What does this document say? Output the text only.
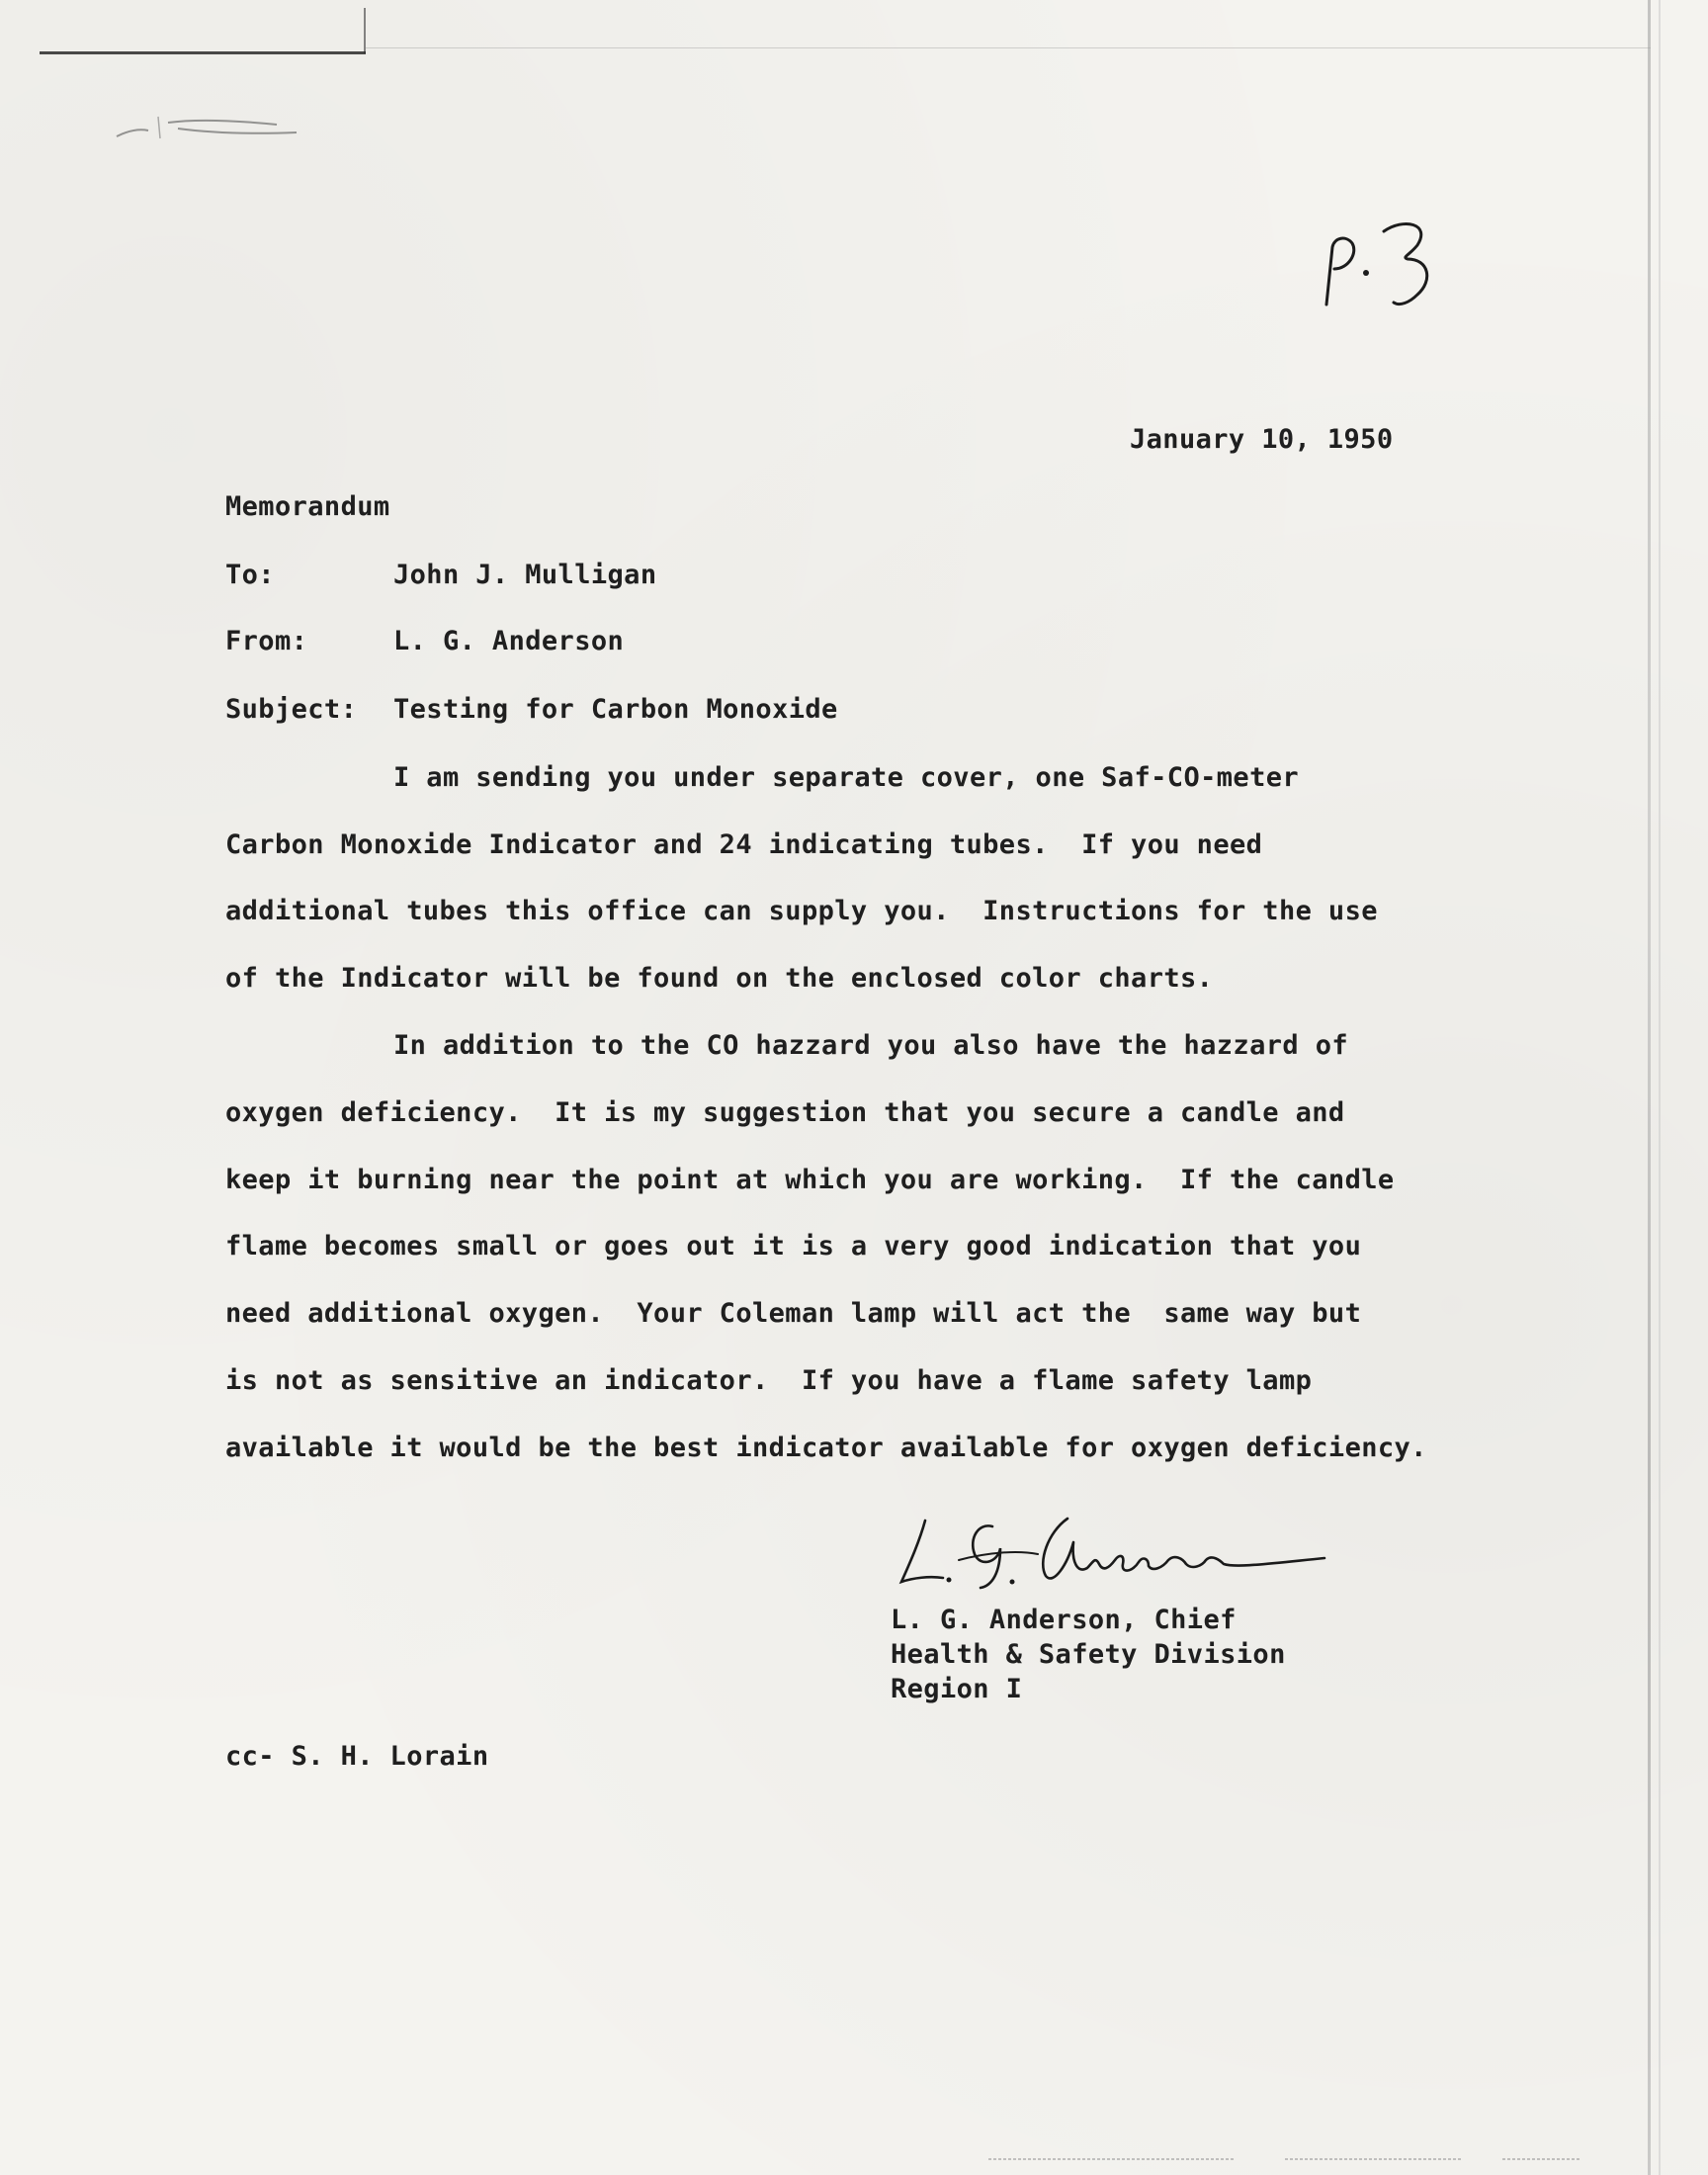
January 10, 1950
Memorandum
To:	John J. Mulligan
From:	L. G. Anderson
Subject: Testing for Carbon Monoxide
I am sending you under separate cover, one Saf-CO-meter
Carbon Monoxide Indicator and 24 indicating tubes.  If you need
additional tubes this office can supply you.  Instructions for the use
of the Indicator will be found on the enclosed color charts.
In addition to the CO hazzard you also have the hazzard of
oxygen deficiency.  It is my suggestion that you secure a candle and
keep it burning near the point at which you are working.  If the candle
flame becomes small or goes out it is a very good indication that you
need additional oxygen.  Your Coleman lamp will act the  same way but
is not as sensitive an indicator.  If you have a flame safety lamp
available it would be the best indicator available for oxygen deficiency.
L. G. Anderson, Chief
Health & Safety Division
Region I
cc- S. H. Lorain
